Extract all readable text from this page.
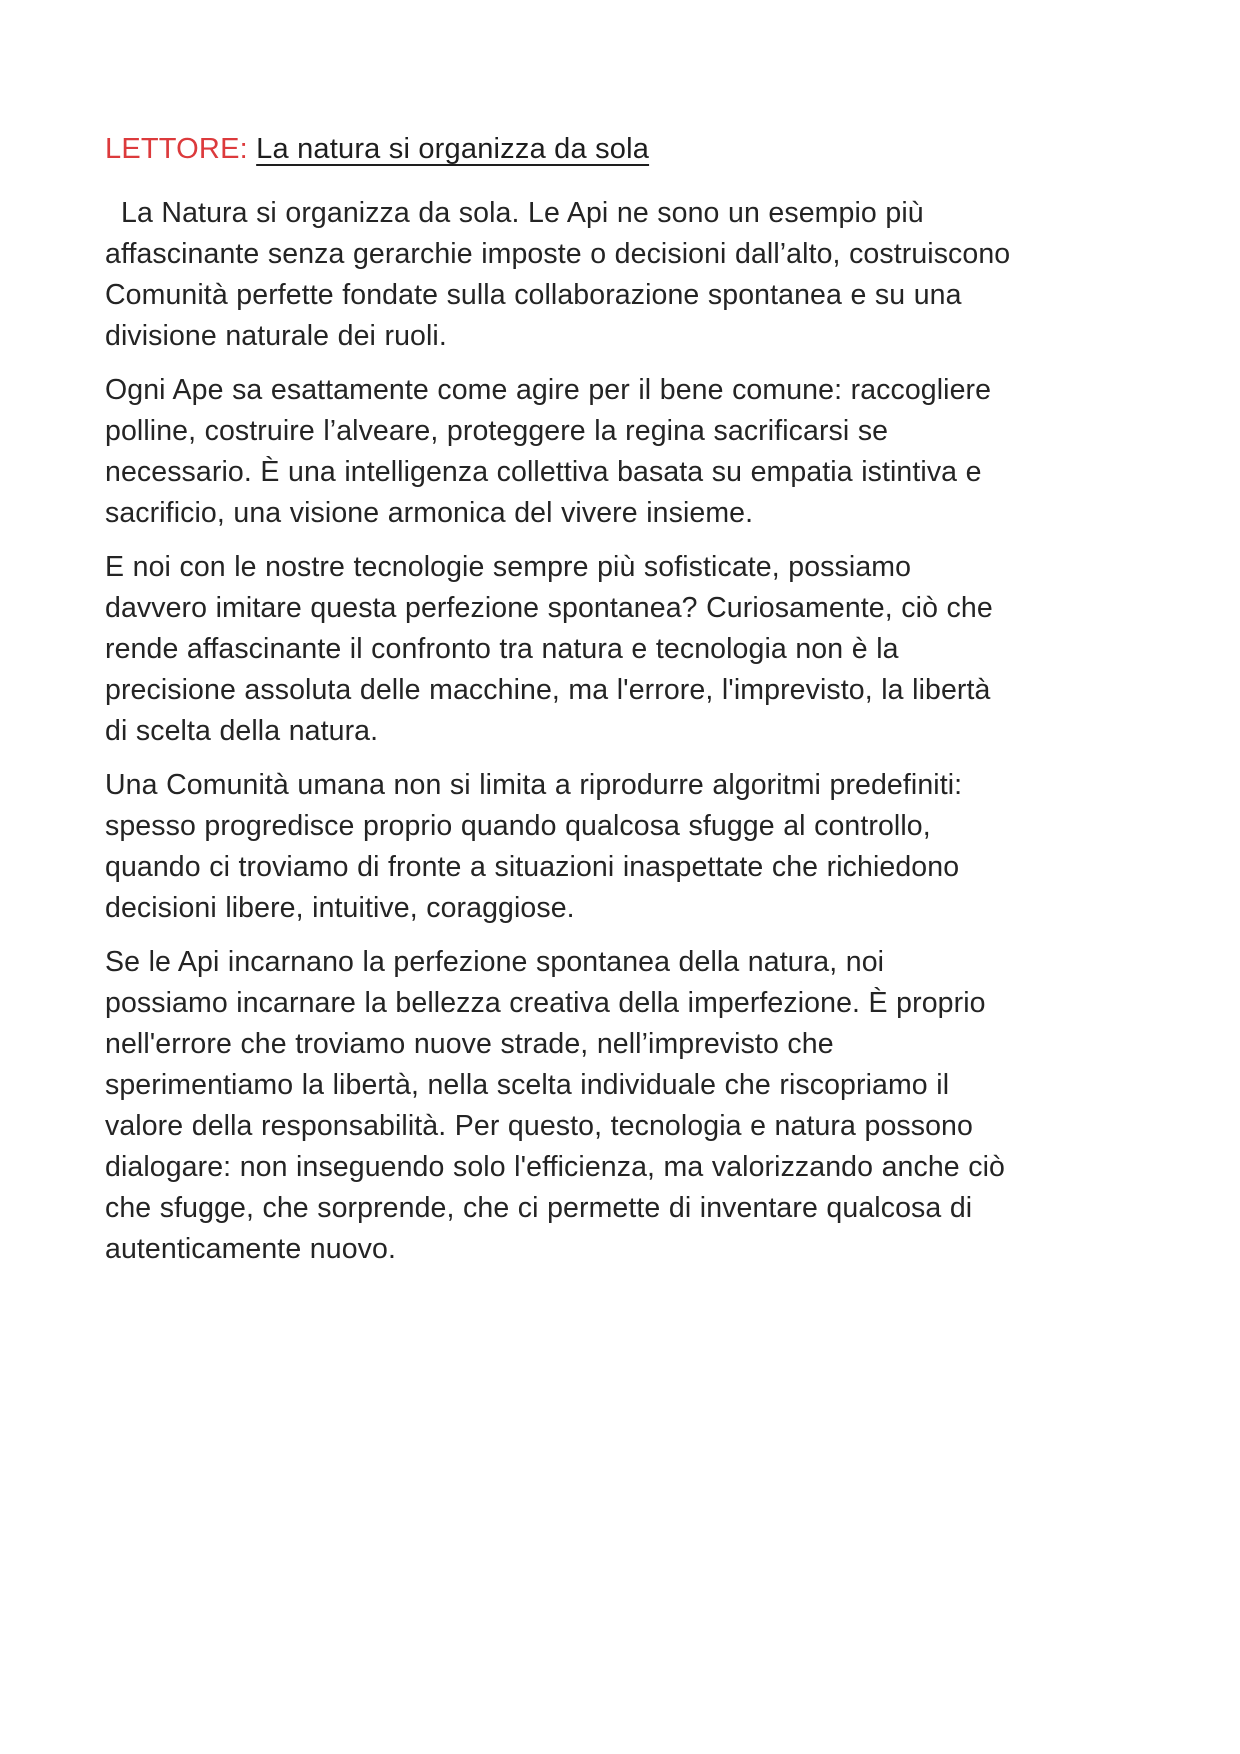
LETTORE: La natura si organizza da sola

La Natura si organizza da sola. Le Api ne sono un esempio più affascinante senza gerarchie imposte o decisioni dall’alto, costruiscono Comunità perfette fondate sulla collaborazione spontanea e su una divisione naturale dei ruoli.

Ogni Ape sa esattamente come agire per il bene comune: raccogliere polline, costruire l’alveare, proteggere la regina sacrificarsi se necessario. È una intelligenza collettiva basata su empatia istintiva e sacrificio, una visione armonica del vivere insieme.

E noi con le nostre tecnologie sempre più sofisticate, possiamo davvero imitare questa perfezione spontanea? Curiosamente, ciò che rende affascinante il confronto tra natura e tecnologia non è la precisione assoluta delle macchine, ma l'errore, l'imprevisto, la libertà di scelta della natura.

Una Comunità umana non si limita a riprodurre algoritmi predefiniti: spesso progredisce proprio quando qualcosa sfugge al controllo, quando ci troviamo di fronte a situazioni inaspettate che richiedono decisioni libere, intuitive, coraggiose.

Se le Api incarnano la perfezione spontanea della natura, noi possiamo incarnare la bellezza creativa della imperfezione. È proprio nell'errore che troviamo nuove strade, nell’imprevisto che sperimentiamo la libertà, nella scelta individuale che riscopriamo il valore della responsabilità. Per questo, tecnologia e natura possono dialogare: non inseguendo solo l'efficienza, ma valorizzando anche ciò che sfugge, che sorprende, che ci permette di inventare qualcosa di autenticamente nuovo.
